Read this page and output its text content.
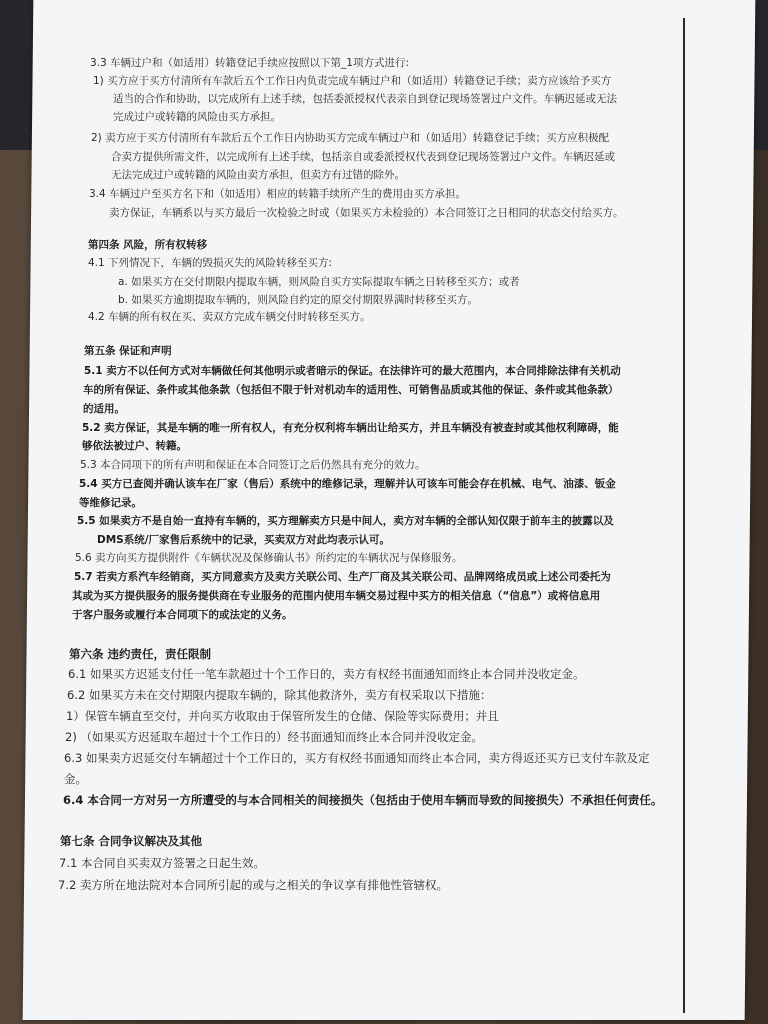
3.3 车辆过户和（如适用）转籍登记手续应按照以下第_1项方式进行:
1) 买方应于买方付清所有车款后五个工作日内负责完成车辆过户和（如适用）转籍登记手续；卖方应该给予买方
适当的合作和协助，以完成所有上述手续，包括委派授权代表亲自到登记现场签署过户文件。车辆迟延或无法
完成过户或转籍的风险由买方承担。
2) 卖方应于买方付清所有车款后五个工作日内协助买方完成车辆过户和（如适用）转籍登记手续；买方应积极配
合卖方提供所需文件，以完成所有上述手续，包括亲自或委派授权代表到登记现场签署过户文件。车辆迟延或
无法完成过户或转籍的风险由卖方承担，但卖方有过错的除外。
3.4 车辆过户至买方名下和（如适用）相应的转籍手续所产生的费用由买方承担。
卖方保证，车辆系以与买方最后一次检验之时或（如果买方未检验的）本合同签订之日相同的状态交付给买方。
第四条 风险，所有权转移
4.1 下列情况下，车辆的毁损灭失的风险转移至买方:
a. 如果买方在交付期限内提取车辆，则风险自买方实际提取车辆之日转移至买方；或者
b. 如果买方逾期提取车辆的，则风险自约定的原交付期限界满时转移至买方。
4.2 车辆的所有权在买、卖双方完成车辆交付时转移至买方。
第五条 保证和声明
5.1 卖方不以任何方式对车辆做任何其他明示或者暗示的保证。在法律许可的最大范围内，本合同排除法律有关机动
车的所有保证、条件或其他条款（包括但不限于针对机动车的适用性、可销售品质或其他的保证、条件或其他条款）
的适用。
5.2 卖方保证，其是车辆的唯一所有权人，有充分权利将车辆出让给买方，并且车辆没有被查封或其他权利障碍，能
够依法被过户、转籍。
5.3 本合同项下的所有声明和保证在本合同签订之后仍然具有充分的效力。
5.4 买方已查阅并确认该车在厂家（售后）系统中的维修记录，理解并认可该车可能会存在机械、电气、油漆、钣金
等维修记录。
5.5 如果卖方不是自始一直持有车辆的，买方理解卖方只是中间人，卖方对车辆的全部认知仅限于前车主的披露以及
DMS系统/厂家售后系统中的记录，买卖双方对此均表示认可。
5.6 卖方向买方提供附件《车辆状况及保修确认书》所约定的车辆状况与保修服务。
5.7 若卖方系汽车经销商，买方同意卖方及卖方关联公司、生产厂商及其关联公司、品牌网络成员或上述公司委托为
其或为买方提供服务的服务提供商在专业服务的范围内使用车辆交易过程中买方的相关信息（“信息”）或将信息用
于客户服务或履行本合同项下的或法定的义务。
第六条 违约责任，责任限制
6.1 如果买方迟延支付任一笔车款超过十个工作日的，卖方有权经书面通知而终止本合同并没收定金。
6.2 如果买方未在交付期限内提取车辆的，除其他救济外，卖方有权采取以下措施：
1）保管车辆直至交付，并向买方收取由于保管所发生的仓储、保险等实际费用；并且
2) （如果买方迟延取车超过十个工作日的）经书面通知而终止本合同并没收定金。
6.3 如果卖方迟延交付车辆超过十个工作日的，买方有权经书面通知而终止本合同，卖方得返还买方已支付车款及定
金。
6.4 本合同一方对另一方所遭受的与本合同相关的间接损失（包括由于使用车辆而导致的间接损失）不承担任何责任。
第七条 合同争议解决及其他
7.1 本合同自买卖双方签署之日起生效。
7.2 卖方所在地法院对本合同所引起的或与之相关的争议享有排他性管辖权。
